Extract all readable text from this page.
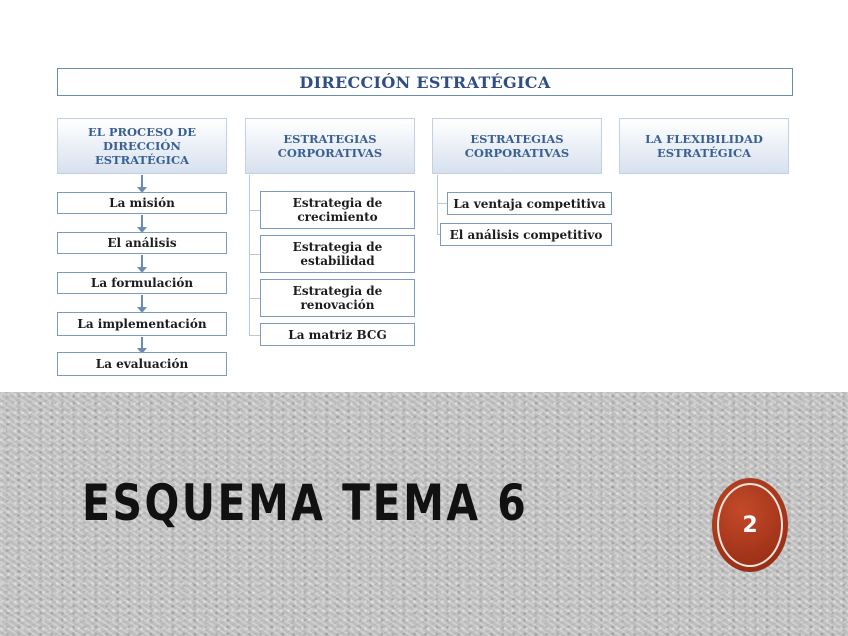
DIRECCIÓN ESTRATÉGICA
EL PROCESO DE DIRECCIÓN ESTRATÉGICA
La misión
El análisis
La formulación
La implementación
La evaluación
ESTRATEGIAS CORPORATIVAS
Estrategia de crecimiento
Estrategia de estabilidad
Estrategia de renovación
La matriz BCG
ESTRATEGIAS CORPORATIVAS
La ventaja competitiva
El análisis competitivo
LA FLEXIBILIDAD ESTRATÉGICA
ESQUEMA TEMA 6	2
